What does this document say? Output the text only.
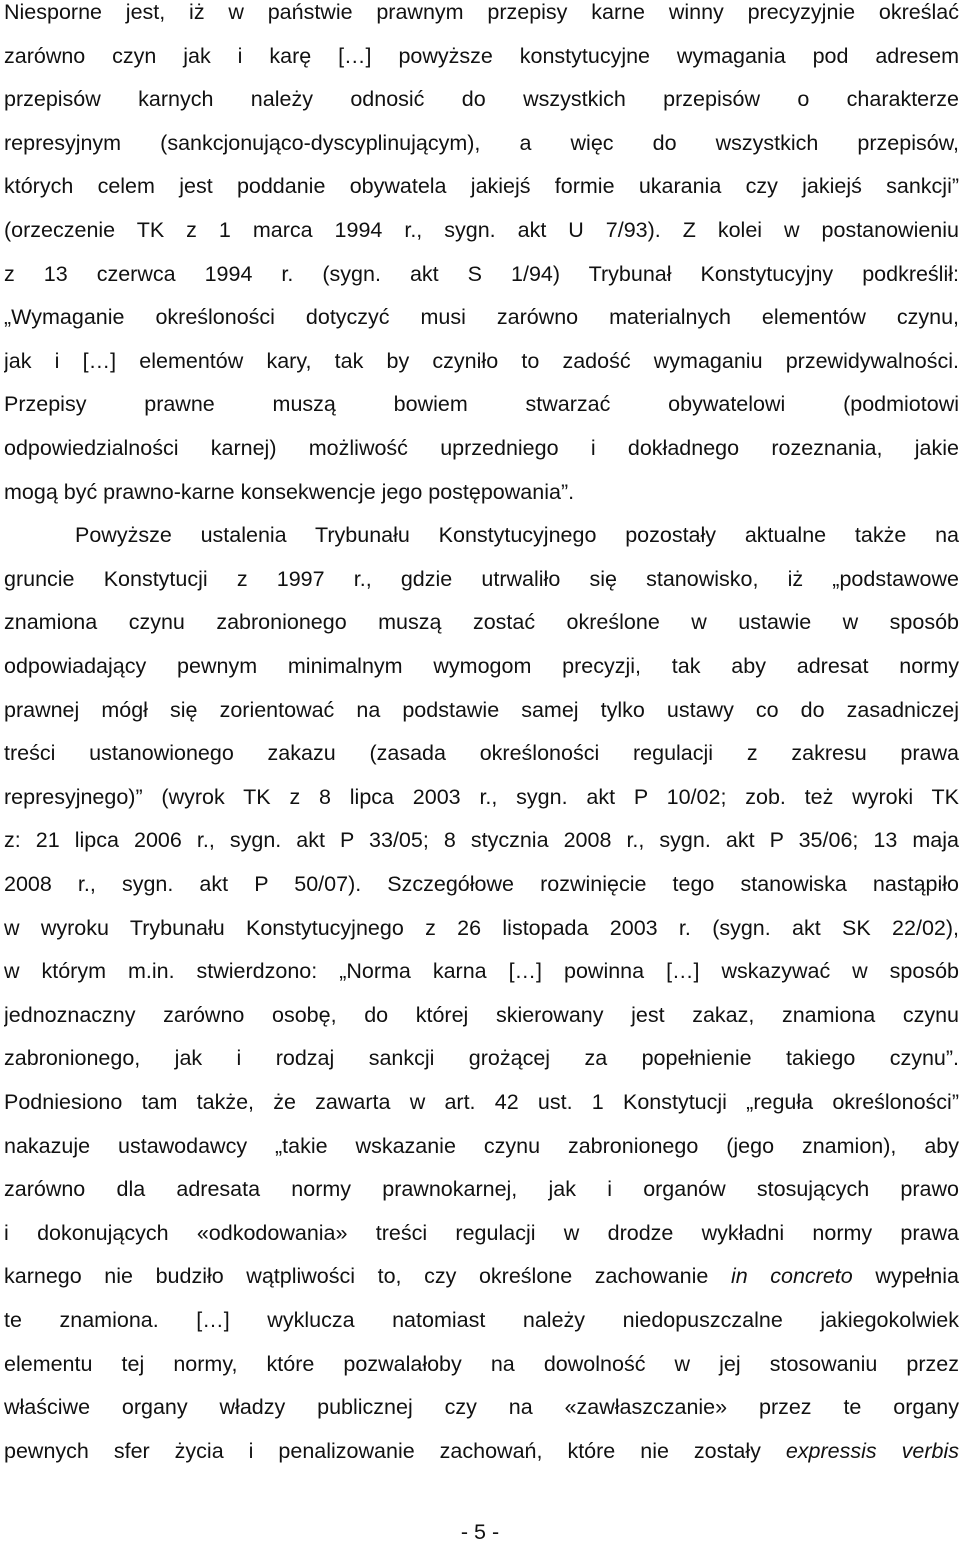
Niesporne jest, iż w państwie prawnym przepisy karne winny precyzyjnie określać
zarówno czyn jak i karę […] powyższe konstytucyjne wymagania pod adresem
przepisów karnych należy odnosić do wszystkich przepisów o charakterze
represyjnym (sankcjonująco-dyscyplinującym), a więc do wszystkich przepisów,
których celem jest poddanie obywatela jakiejś formie ukarania czy jakiejś sankcji”
(orzeczenie TK z 1 marca 1994 r., sygn. akt U 7/93). Z kolei w postanowieniu
z 13 czerwca 1994 r. (sygn. akt S 1/94) Trybunał Konstytucyjny podkreślił:
„Wymaganie określoności dotyczyć musi zarówno materialnych elementów czynu,
jak i […] elementów kary, tak by czyniło to zadość wymaganiu przewidywalności.
Przepisy prawne muszą bowiem stwarzać obywatelowi (podmiotowi
odpowiedzialności karnej) możliwość uprzedniego i dokładnego rozeznania, jakie
mogą być prawno-karne konsekwencje jego postępowania”.
Powyższe ustalenia Trybunału Konstytucyjnego pozostały aktualne także na
gruncie Konstytucji z 1997 r., gdzie utrwaliło się stanowisko, iż „podstawowe
znamiona czynu zabronionego muszą zostać określone w ustawie w sposób
odpowiadający pewnym minimalnym wymogom precyzji, tak aby adresat normy
prawnej mógł się zorientować na podstawie samej tylko ustawy co do zasadniczej
treści ustanowionego zakazu (zasada określoności regulacji z zakresu prawa
represyjnego)” (wyrok TK z 8 lipca 2003 r., sygn. akt P 10/02; zob. też wyroki TK
z: 21 lipca 2006 r., sygn. akt P 33/05; 8 stycznia 2008 r., sygn. akt P 35/06; 13 maja
2008 r., sygn. akt P 50/07). Szczegółowe rozwinięcie tego stanowiska nastąpiło
w wyroku Trybunału Konstytucyjnego z 26 listopada 2003 r. (sygn. akt SK 22/02),
w którym m.in. stwierdzono: „Norma karna […] powinna […] wskazywać w sposób
jednoznaczny zarówno osobę, do której skierowany jest zakaz, znamiona czynu
zabronionego, jak i rodzaj sankcji grożącej za popełnienie takiego czynu”.
Podniesiono tam także, że zawarta w art. 42 ust. 1 Konstytucji „reguła określoności”
nakazuje ustawodawcy „takie wskazanie czynu zabronionego (jego znamion), aby
zarówno dla adresata normy prawnokarnej, jak i organów stosujących prawo
i dokonujących «odkodowania» treści regulacji w drodze wykładni normy prawa
karnego nie budziło wątpliwości to, czy określone zachowanie in concreto wypełnia
te znamiona. […] wyklucza natomiast należy niedopuszczalne jakiegokolwiek
elementu tej normy, które pozwalałoby na dowolność w jej stosowaniu przez
właściwe organy władzy publicznej czy na «zawłaszczanie» przez te organy
pewnych sfer życia i penalizowanie zachowań, które nie zostały expressis verbis
- 5 -
